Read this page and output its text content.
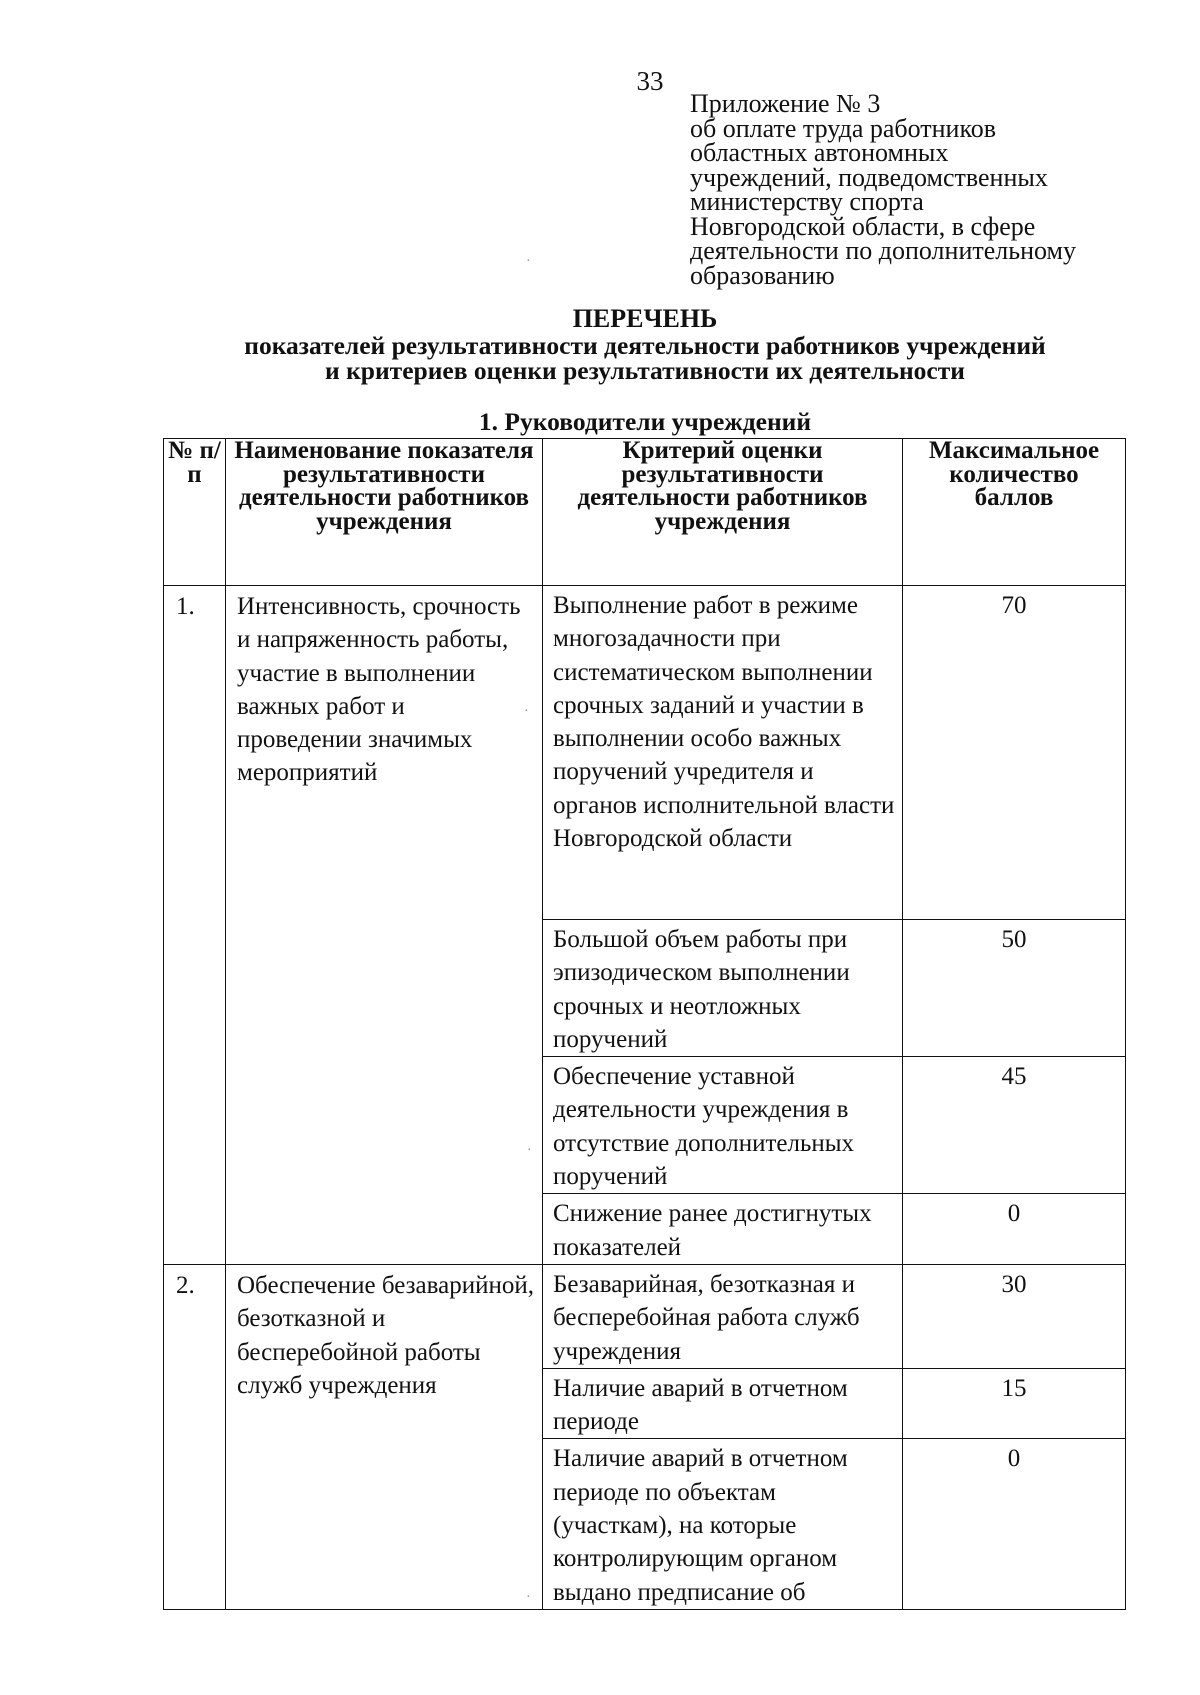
33
Приложение № 3
об оплате труда работников
областных автономных
учреждений, подведомственных
министерству спорта
Новгородской области, в сфере
деятельности по дополнительному
образованию
ПЕРЕЧЕНЬ
показателей результативности деятельности работников учреждений
и критериев оценки результативности их деятельности
1. Руководители учреждений
№ п/п	Наименование показателя результативности деятельности работников учреждения	Критерий оценки результативности деятельности работников учреждения	Максимальное количество баллов
1.	Интенсивность, срочность и напряженность работы, участие в выполнении важных работ и проведении значимых мероприятий	Выполнение работ в режиме многозадачности при систематическом выполнении срочных заданий и участии в выполнении особо важных поручений учредителя и органов исполнительной власти Новгородской области	70
		Большой объем работы при эпизодическом выполнении срочных и неотложных поручений	50
		Обеспечение уставной деятельности учреждения в отсутствие дополнительных поручений	45
		Снижение ранее достигнутых показателей	0
2.	Обеспечение безаварийной, безотказной и бесперебойной работы служб учреждения	Безаварийная, безотказная и бесперебойная работа служб учреждения	30
		Наличие аварий в отчетном периоде	15
		Наличие аварий в отчетном периоде по объектам (участкам), на которые контролирующим органом выдано предписание об	0
·
·
·
·
